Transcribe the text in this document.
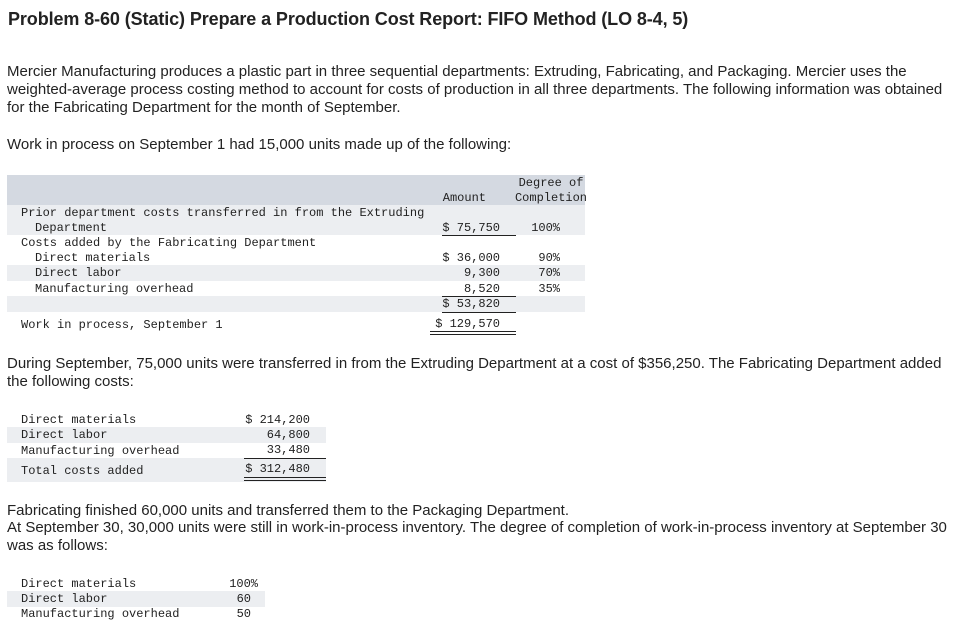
Problem 8-60 (Static) Prepare a Production Cost Report: FIFO Method (LO 8-4, 5)
Mercier Manufacturing produces a plastic part in three sequential departments: Extruding, Fabricating, and Packaging. Mercier uses the weighted-average process costing method to account for costs of production in all three departments. The following information was obtained for the Fabricating Department for the month of September.
Work in process on September 1 had 15,000 units made up of the following:
Amount
Degree of
Completion
Prior department costs transferred in from the Extruding
Department	$ 75,750	100%
Costs added by the Fabricating Department
Direct materials	$ 36,000	90%
Direct labor	9,300	70%
Manufacturing overhead	8,520	35%
$ 53,820
Work in process, September 1	$ 129,570
During September, 75,000 units were transferred in from the Extruding Department at a cost of $356,250. The Fabricating Department added the following costs:
Direct materials	$ 214,200
Direct labor	64,800
Manufacturing overhead	33,480
Total costs added	$ 312,480
Fabricating finished 60,000 units and transferred them to the Packaging Department.
At September 30, 30,000 units were still in work-in-process inventory. The degree of completion of work-in-process inventory at September 30 was as follows:
Direct materials	100%
Direct labor	60
Manufacturing overhead	50
